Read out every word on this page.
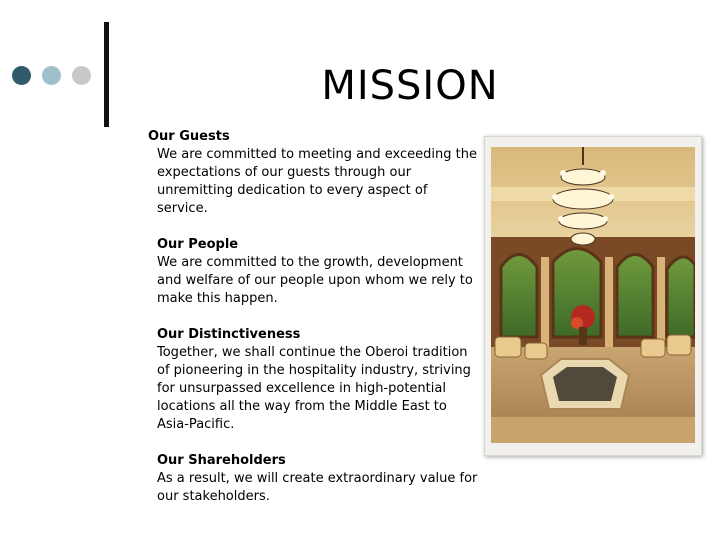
MISSION
Our Guests
We are committed to meeting and exceeding the expectations of our guests through our unremitting dedication to every aspect of service.
Our People
We are committed to the growth, development and welfare of our people upon whom we rely to make this happen.
Our Distinctiveness
Together, we shall continue the Oberoi tradition of pioneering in the hospitality industry, striving for unsurpassed excellence in high-potential locations all the way from the Middle East to Asia-Pacific.
Our Shareholders
As a result, we will create extraordinary value for our stakeholders.
